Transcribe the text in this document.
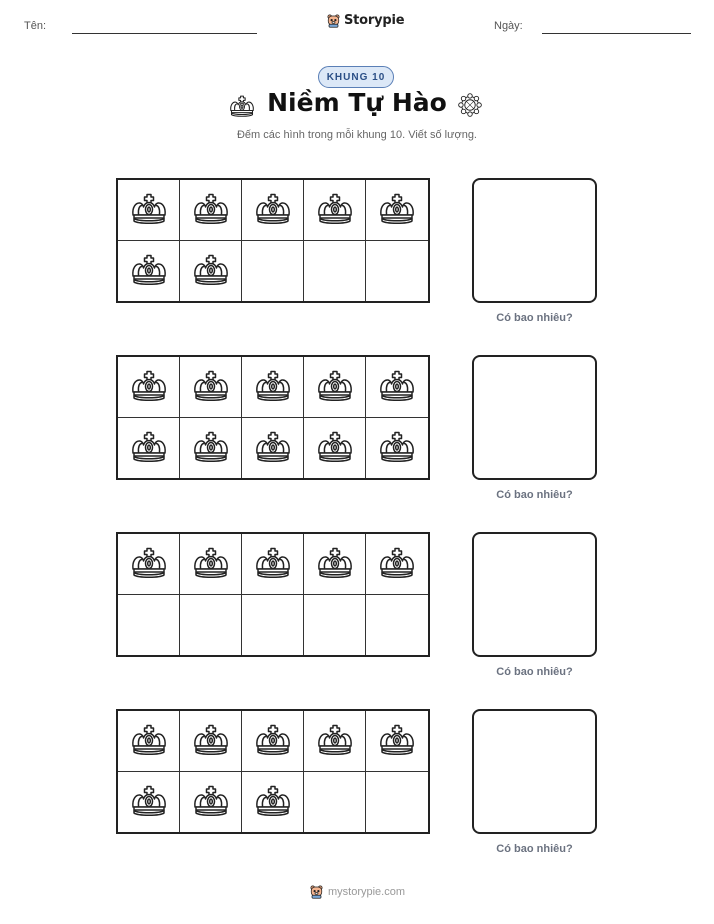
Tên:	Ngày:
Storypie
KHUNG 10
Niềm Tự Hào
Đếm các hình trong mỗi khung 10. Viết số lượng.
Có bao nhiêu?
Có bao nhiêu?
Có bao nhiêu?
Có bao nhiêu?
mystorypie.com
